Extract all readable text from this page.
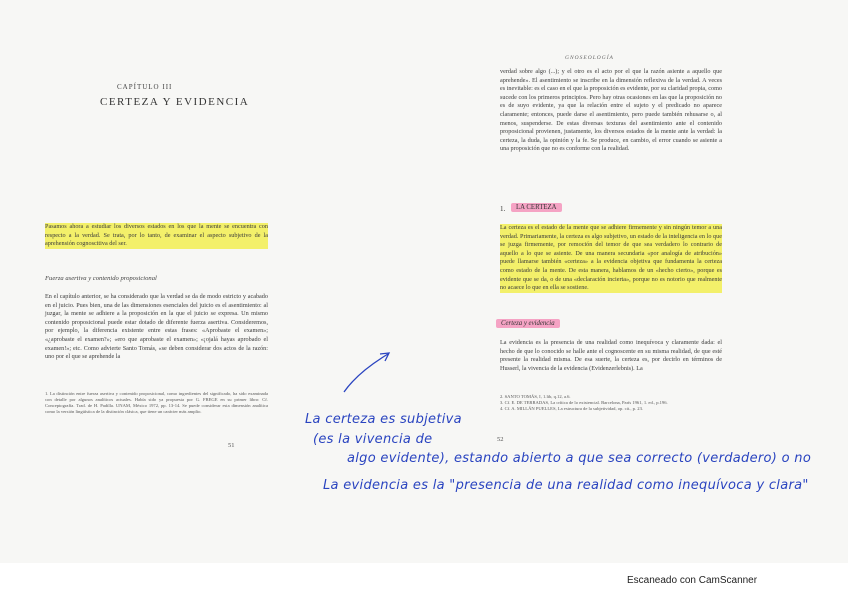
CAPÍTULO III
CERTEZA Y EVIDENCIA

Pasamos ahora a estudiar los diversos estados en los que la mente se encuentra con respecto a la verdad. Se trata, por lo tanto, de examinar el aspecto subjetivo de la aprehensión cognoscitiva del ser.

Fuerza asertiva y contenido proposicional

En el capítulo anterior, se ha considerado que la verdad se da de modo estricto y acabado en el juicio. Pues bien, una de las dimensiones esenciales del juicio es el asentimiento: al juzgar, la mente se adhiere a la proposición en la que el juicio se expresa. Un mismo contenido proposicional puede estar dotado de diferente fuerza asertiva. Consideremos, por ejemplo, la diferencia existente entre estas frases: «Aprobaste el examen»; «¿aprobaste el examen?»; «ero que aprobaste el examen»; «¡ojalá hayas aprobado el examen!»; etc. Como advierte Santo Tomás, «se deben considerar dos actos de la razón: uno por el que se aprehende la

1. La distinción entre fuerza asertiva y contenido proposicional, como ingredientes del significado, ha sido examinada con detalle por algunos analíticos actuales. Había sido ya propuesta por G. FREGE en su primer libro: Cf. Conceptografía. Trad. de H. Padilla. UNAM, México 1972, pp. 13-14. Se puede considerar esta dimensión analítica como la versión lingüística de la distinción clásica, que tiene un carácter más amplio.
51
GNOSEOLOGÍA

verdad sobre algo (...); y el otro es el acto por el que la razón asiente a aquello que aprehende». El asentimiento se inscribe en la dimensión reflexiva de la verdad. A veces es inevitable: es el caso en el que la proposición es evidente, por su claridad propia, como sucede con los primeros principios. Pero hay otras ocasiones en las que la proposición no es de suyo evidente, ya que la relación entre el sujeto y el predicado no aparece claramente; entonces, puede darse el asentimiento, pero puede también rehusarse o, al menos, suspenderse. De estas diversas texturas del asentimiento ante el contenido proposicional provienen, justamente, los diversos estados de la mente ante la verdad: la certeza, la duda, la opinión y la fe. Se produce, en cambio, el error cuando se asiente a una proposición que no es conforme con la realidad.

1.	LA CERTEZA

La certeza es el estado de la mente que se adhiere firmemente y sin ningún temor a una verdad. Primariamente, la certeza es algo subjetivo, un estado de la inteligencia en lo que se juzga firmemente, por remoción del temor de que sea verdadero lo contrario de aquello a lo que se asiente. De una manera secundaria «por analogía de atribución» puede llamarse también «certeza» a la evidencia objetiva que fundamenta la certeza como estado de la mente. De esta manera, hablamos de un «hecho cierto», porque es evidente que se da, o de una «declaración incierta», porque no es notorio que realmente no acaece lo que en ella se sostiene.

Certeza y evidencia

La evidencia es la presencia de una realidad como inequívoca y claramente dada: el hecho de que lo conocido se halle ante el cognoscente en su misma realidad, de que esté presente la realidad misma. De esa suerte, la certeza es, por decirlo en términos de Husserl, la vivencia de la evidencia (Evidenzerlebnis). La

2. SANTO TOMÁS, I, 1.lib, q.12, a.6.
3. Cf. E. DE TERRADAS, La crítica de lo existencial. Barcelona, París 1961, 1. ed., p.196.
4. Cf. A. MILLÁN PUELLES, La estructura de la subjetividad, op. cit., p. 23.
52
La certeza es subjetiva
(es la vivencia de
algo evidente), estando abierto a que sea correcto (verdadero) o no
La evidencia es la "presencia de una realidad como inequívoca y clara"
Escaneado con CamScanner
